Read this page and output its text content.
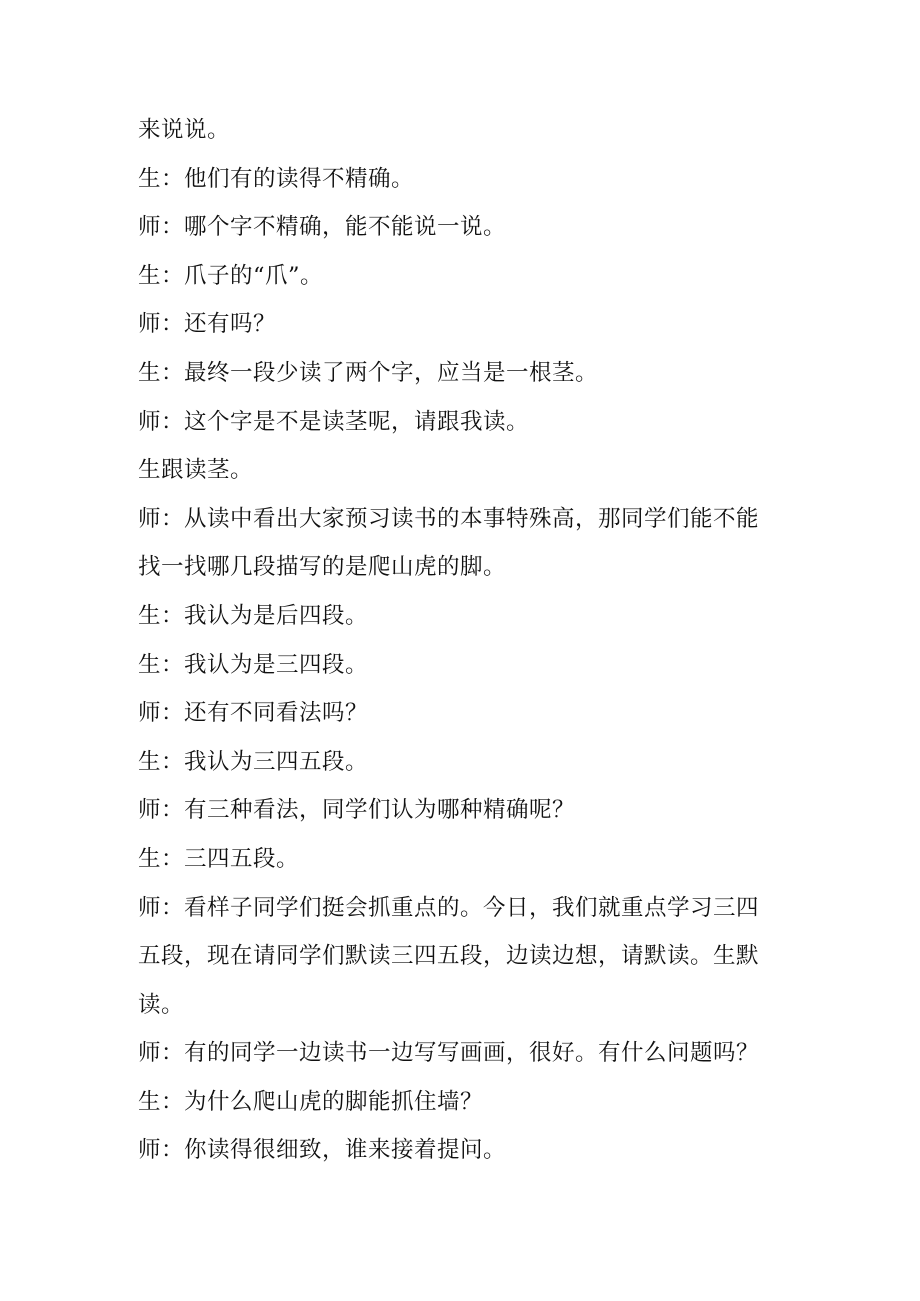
来说说。
生：他们有的读得不精确。
师：哪个字不精确，能不能说一说。
生：爪子的“爪”。
师：还有吗？
生：最终一段少读了两个字，应当是一根茎。
师：这个字是不是读茎呢，请跟我读。
生跟读茎。
师：从读中看出大家预习读书的本事特殊高，那同学们能不能
找一找哪几段描写的是爬山虎的脚。
生：我认为是后四段。
生：我认为是三四段。
师：还有不同看法吗？
生：我认为三四五段。
师：有三种看法，同学们认为哪种精确呢？
生：三四五段。
师：看样子同学们挺会抓重点的。今日，我们就重点学习三四
五段，现在请同学们默读三四五段，边读边想，请默读。生默
读。
师：有的同学一边读书一边写写画画，很好。有什么问题吗？
生：为什么爬山虎的脚能抓住墙？
师：你读得很细致，谁来接着提问。
